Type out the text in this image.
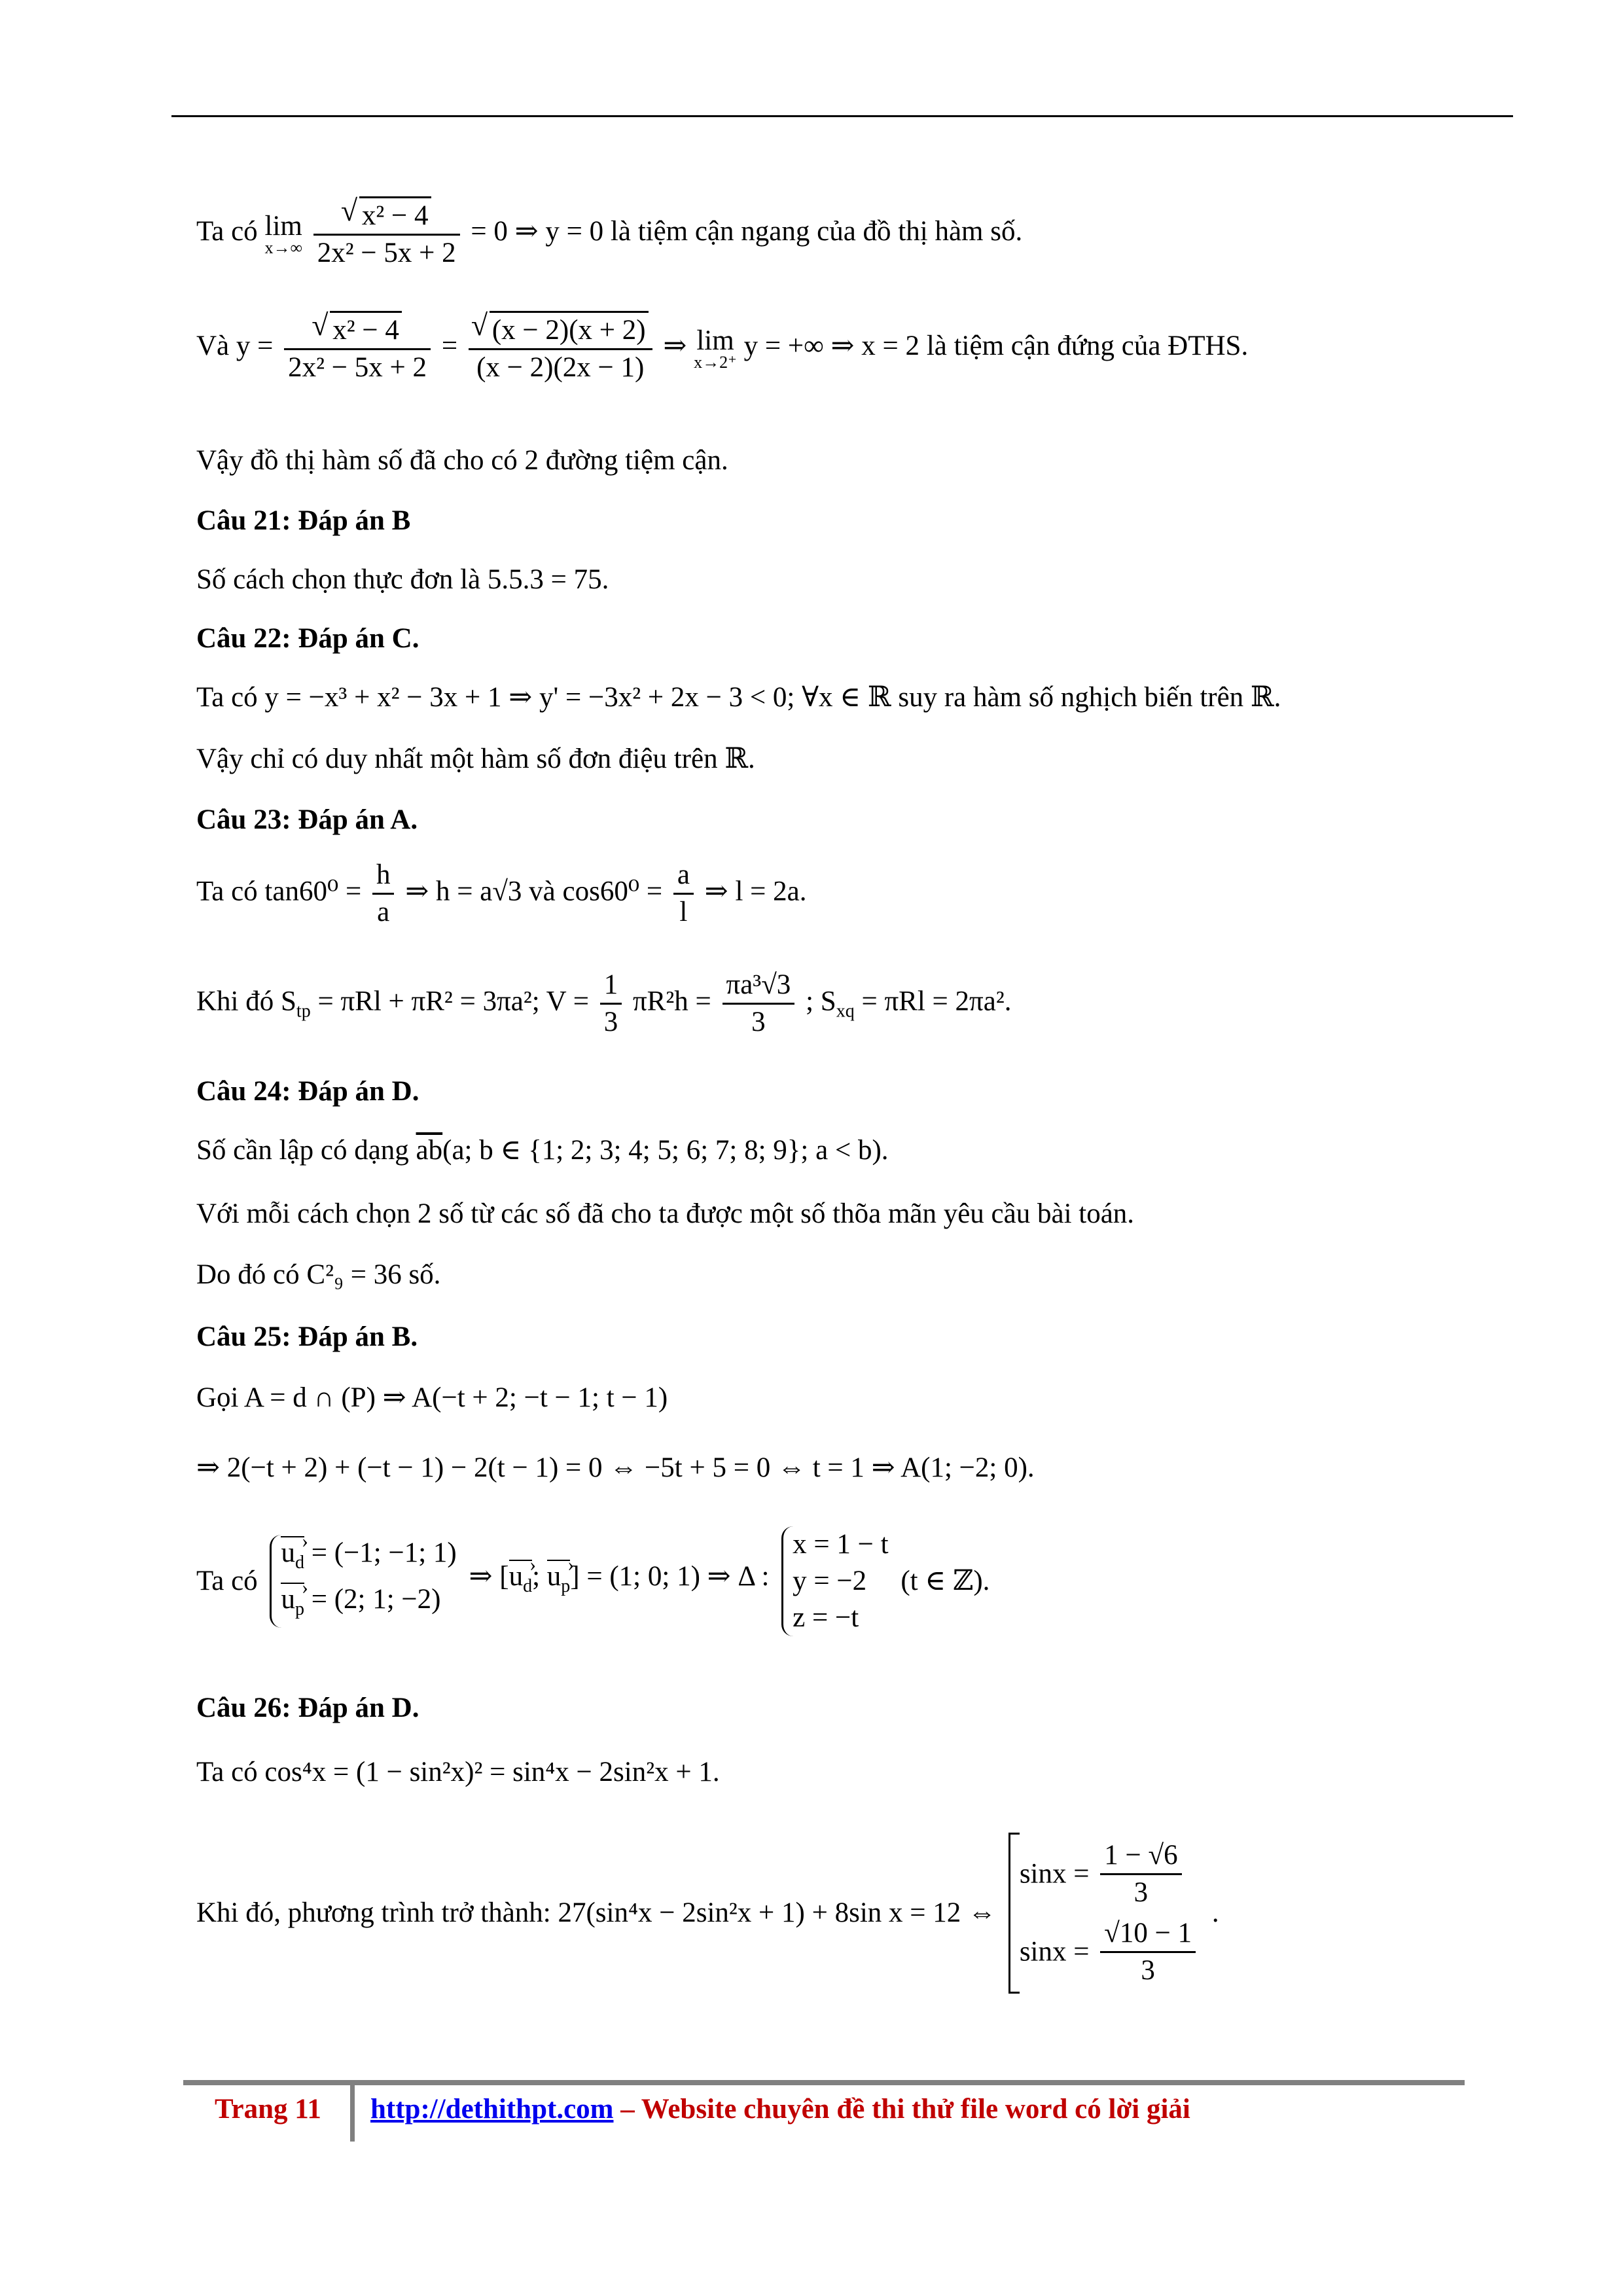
Ta có lim
x→∞
√ $\frac{\text{x² − 4}}{\text{2x² − 5x + 2}} = 0$ ⇒ y = 0 là tiệm cận ngang của đồ thị hàm số.
Và y = √ $\frac{\text{x² − 4}}{\text{2x² − 5x + 2}}$ = √ $\frac{(x - 2)(x + 2)}{(x - 2)(2x - 1)}$ ⇒ lim
x→2⁺
y = +∞ ⇒ x = 2 là tiệm cận đứng của ĐTHS.
Vậy đồ thị hàm số đã cho có 2 đường tiệm cận.
Câu 21: Đáp án B
Số cách chọn thực đơn là 5.5.3 = 75.
Câu 22: Đáp án C.
Ta có y = −x³ + x² − 3x + 1 ⇒ y' = −3x² + 2x − 3 < 0; ∀x ∈ ℝ suy ra hàm số nghịch biến trên ℝ.
Vậy chỉ có duy nhất một hàm số đơn điệu trên ℝ.
Câu 23: Đáp án A.
Ta có $\tan 60^0 = \frac{h}{a}$ ⇒ h = a√3 và $\cos 60^0 = \frac{a}{l}$ ⇒ l = 2a.
Khi đó $S_{tp} = \pi Rl + \pi R^2 = 3\pi a^2$; $V = \frac{1}{3} \pi R^2h = \frac{\text{πa³√3}}{3}$ ; $S_{xq} = \pi Rl = 2\pi a^2$.
Câu 24: Đáp án D.
Số cần lập có dạng $\overline{ab}(a$; b ∈ {1; 2; 3; 4; 5; 6; 7; 8; 9}; a < b).
Với mỗi cách chọn 2 số từ các số đã cho ta được một số thõa mãn yêu cầu bài toán.
Do đó có C²₉ = 36 số.
Câu 25: Đáp án B.
Gọi A = d ∩ (P) ⇒ A(−t + 2; −t − 1; t − 1)
⇒ 2(−t + 2) + (−t − 1) − 2(t − 1) = 0 ⇔ −5t + 5 = 0 ⇔ t = 1 ⇒ A(1; −2; 0).
Ta có
$u_d$ › = (−1; −1; 1)
$u_p$ › = (2; 1; −2)
⇒ [$u_d$ ›; $u_p$ ›] = (1; 0; 1) ⇒ Δ :
x = 1 − t
y = −2
z = −t
(t ∈ ℤ).
Câu 26: Đáp án D.
Ta có cos⁴x = (1 − sin²x)² = sin⁴x − 2sin²x + 1.
Khi đó, phương trình trở thành: 27(sin⁴x − 2sin²x + 1) + 8sin x = 12 ⇔
$\sin x = \frac{1 - √6}{3}$
$\sin x = \frac{√10 - 1}{3}$
.
Trang 11 http://dethithpt.com – Website chuyên đề thi thử file word có lời giải
